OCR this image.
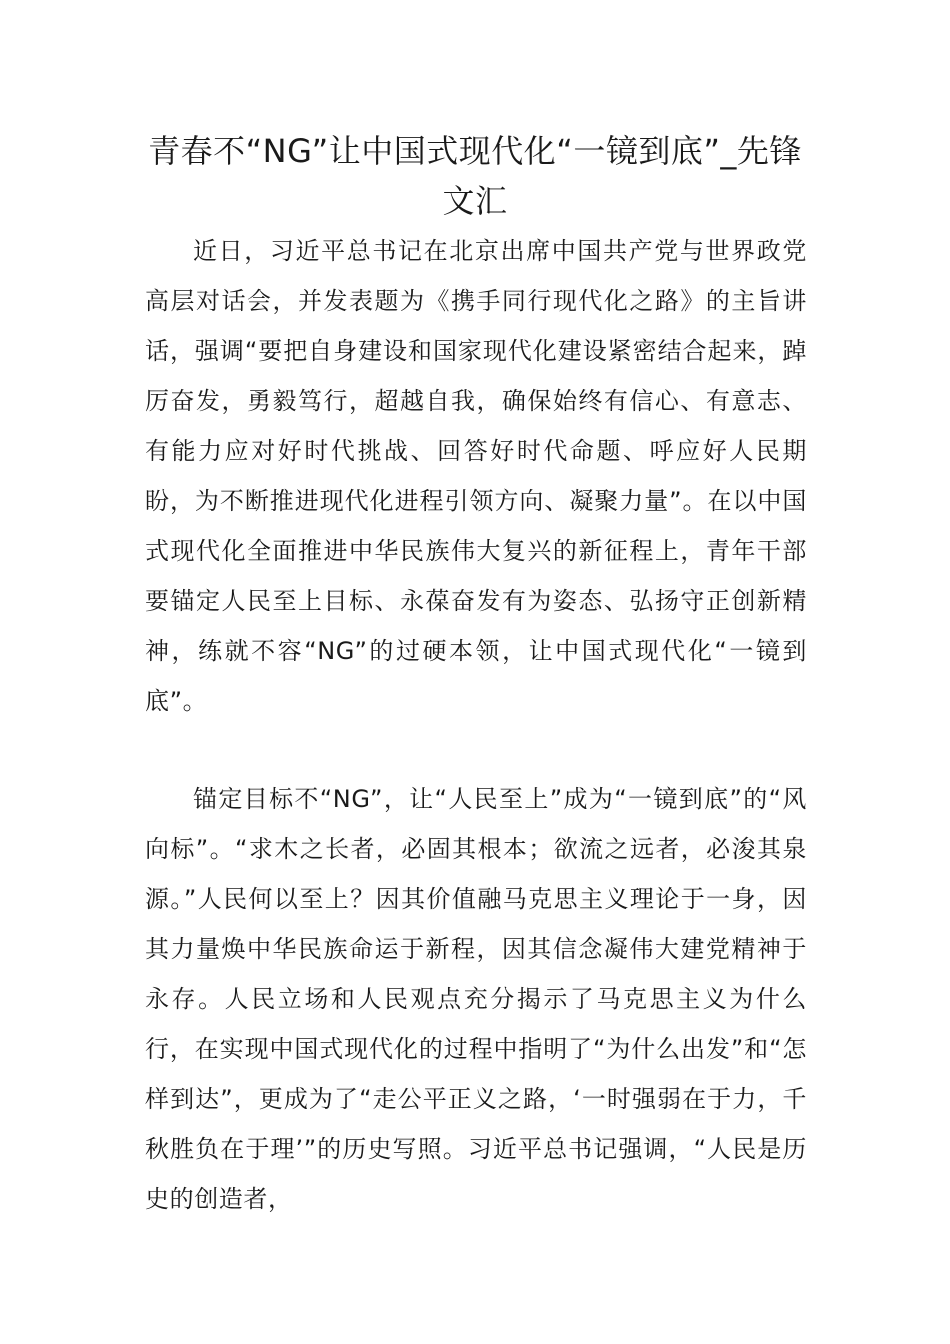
青春不“NG”让中国式现代化“一镜到底”_先锋文汇

近日，习近平总书记在北京出席中国共产党与世界政党高层对话会，并发表题为《携手同行现代化之路》的主旨讲话，强调“要把自身建设和国家现代化建设紧密结合起来，踔厉奋发，勇毅笃行，超越自我，确保始终有信心、有意志、有能力应对好时代挑战、回答好时代命题、呼应好人民期盼，为不断推进现代化进程引领方向、凝聚力量”。在以中国式现代化全面推进中华民族伟大复兴的新征程上，青年干部要锚定人民至上目标、永葆奋发有为姿态、弘扬守正创新精神，练就不容“NG”的过硬本领，让中国式现代化“一镜到底”。

锚定目标不“NG”，让“人民至上”成为“一镜到底”的“风向标”。“求木之长者，必固其根本；欲流之远者，必浚其泉源。”人民何以至上？因其价值融马克思主义理论于一身，因其力量焕中华民族命运于新程，因其信念凝伟大建党精神于永存。人民立场和人民观点充分揭示了马克思主义为什么行，在实现中国式现代化的过程中指明了“为什么出发”和“怎样到达”，更成为了“走公平正义之路，‘一时强弱在于力，千秋胜负在于理’”的历史写照。习近平总书记强调，“人民是历史的创造者，
